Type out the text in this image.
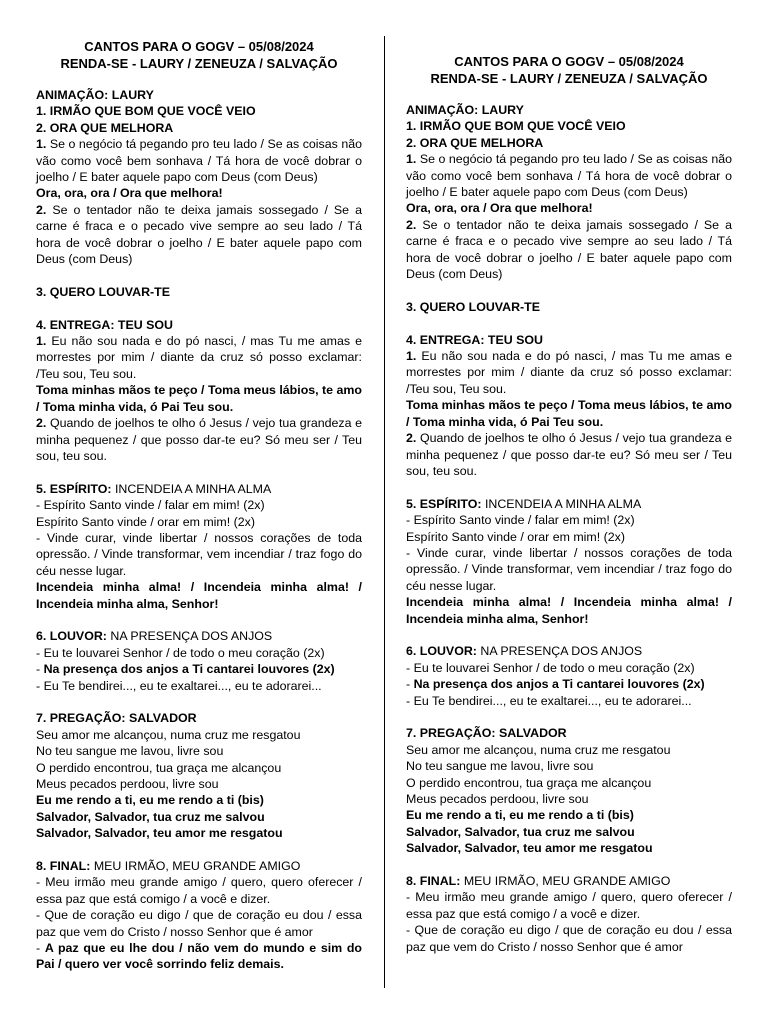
CANTOS PARA O GOGV – 05/08/2024
RENDA-SE - LAURY / ZENEUZA / SALVAÇÃO

ANIMAÇÃO: LAURY

1. IRMÃO QUE BOM QUE VOCÊ VEIO

2. ORA QUE MELHORA

1. Se o negócio tá pegando pro teu lado / Se as coisas não vão como você bem sonhava / Tá hora de você dobrar o joelho / E bater aquele papo com Deus (com Deus)

Ora, ora, ora / Ora que melhora!

2. Se o tentador não te deixa jamais sossegado / Se a carne é fraca e o pecado vive sempre ao seu lado / Tá hora de você dobrar o joelho / E bater aquele papo com Deus (com Deus)

3. QUERO LOUVAR-TE

4. ENTREGA: TEU SOU

1. Eu não sou nada e do pó nasci, / mas Tu me amas e morrestes por mim / diante da cruz só posso exclamar: /Teu sou, Teu sou.

Toma minhas mãos te peço / Toma meus lábios, te amo / Toma minha vida, ó Pai Teu sou.

2. Quando de joelhos te olho ó Jesus / vejo tua grandeza e minha pequenez / que posso dar-te eu? Só meu ser / Teu sou, teu sou.

5. ESPÍRITO: INCENDEIA A MINHA ALMA

- Espírito Santo vinde / falar em mim! (2x)

Espírito Santo vinde / orar em mim! (2x)

- Vinde curar, vinde libertar / nossos corações de toda opressão. / Vinde transformar, vem incendiar / traz fogo do céu nesse lugar.

Incendeia minha alma! / Incendeia minha alma! / Incendeia minha alma, Senhor!

6. LOUVOR: NA PRESENÇA DOS ANJOS

- Eu te louvarei Senhor / de todo o meu coração (2x)

- Na presença dos anjos a Ti cantarei louvores (2x)

- Eu Te bendirei..., eu te exaltarei..., eu te adorarei...

7. PREGAÇÃO: SALVADOR

Seu amor me alcançou, numa cruz me resgatou

No teu sangue me lavou, livre sou

O perdido encontrou, tua graça me alcançou

Meus pecados perdoou, livre sou

Eu me rendo a ti, eu me rendo a ti (bis)

Salvador, Salvador, tua cruz me salvou

Salvador, Salvador, teu amor me resgatou

8. FINAL: MEU IRMÃO, MEU GRANDE AMIGO

- Meu irmão meu grande amigo / quero, quero oferecer / essa paz que está comigo / a você e dizer.

- Que de coração eu digo / que de coração eu dou / essa paz que vem do Cristo / nosso Senhor que é amor

- A paz que eu lhe dou / não vem do mundo e sim do Pai / quero ver você sorrindo feliz demais.

CANTOS PARA O GOGV – 05/08/2024
RENDA-SE - LAURY / ZENEUZA / SALVAÇÃO

ANIMAÇÃO: LAURY

1. IRMÃO QUE BOM QUE VOCÊ VEIO

2. ORA QUE MELHORA

1. Se o negócio tá pegando pro teu lado / Se as coisas não vão como você bem sonhava / Tá hora de você dobrar o joelho / E bater aquele papo com Deus (com Deus)

Ora, ora, ora / Ora que melhora!

2. Se o tentador não te deixa jamais sossegado / Se a carne é fraca e o pecado vive sempre ao seu lado / Tá hora de você dobrar o joelho / E bater aquele papo com Deus (com Deus)

3. QUERO LOUVAR-TE

4. ENTREGA: TEU SOU

1. Eu não sou nada e do pó nasci, / mas Tu me amas e morrestes por mim / diante da cruz só posso exclamar: /Teu sou, Teu sou.

Toma minhas mãos te peço / Toma meus lábios, te amo / Toma minha vida, ó Pai Teu sou.

2. Quando de joelhos te olho ó Jesus / vejo tua grandeza e minha pequenez / que posso dar-te eu? Só meu ser / Teu sou, teu sou.

5. ESPÍRITO: INCENDEIA A MINHA ALMA

- Espírito Santo vinde / falar em mim! (2x)

Espírito Santo vinde / orar em mim! (2x)

- Vinde curar, vinde libertar / nossos corações de toda opressão. / Vinde transformar, vem incendiar / traz fogo do céu nesse lugar.

Incendeia minha alma! / Incendeia minha alma! / Incendeia minha alma, Senhor!

6. LOUVOR: NA PRESENÇA DOS ANJOS

- Eu te louvarei Senhor / de todo o meu coração (2x)

- Na presença dos anjos a Ti cantarei louvores (2x)

- Eu Te bendirei..., eu te exaltarei..., eu te adorarei...

7. PREGAÇÃO: SALVADOR

Seu amor me alcançou, numa cruz me resgatou

No teu sangue me lavou, livre sou

O perdido encontrou, tua graça me alcançou

Meus pecados perdoou, livre sou

Eu me rendo a ti, eu me rendo a ti (bis)

Salvador, Salvador, tua cruz me salvou

Salvador, Salvador, teu amor me resgatou

8. FINAL: MEU IRMÃO, MEU GRANDE AMIGO

- Meu irmão meu grande amigo / quero, quero oferecer / essa paz que está comigo / a você e dizer.

- Que de coração eu digo / que de coração eu dou / essa paz que vem do Cristo / nosso Senhor que é amor
